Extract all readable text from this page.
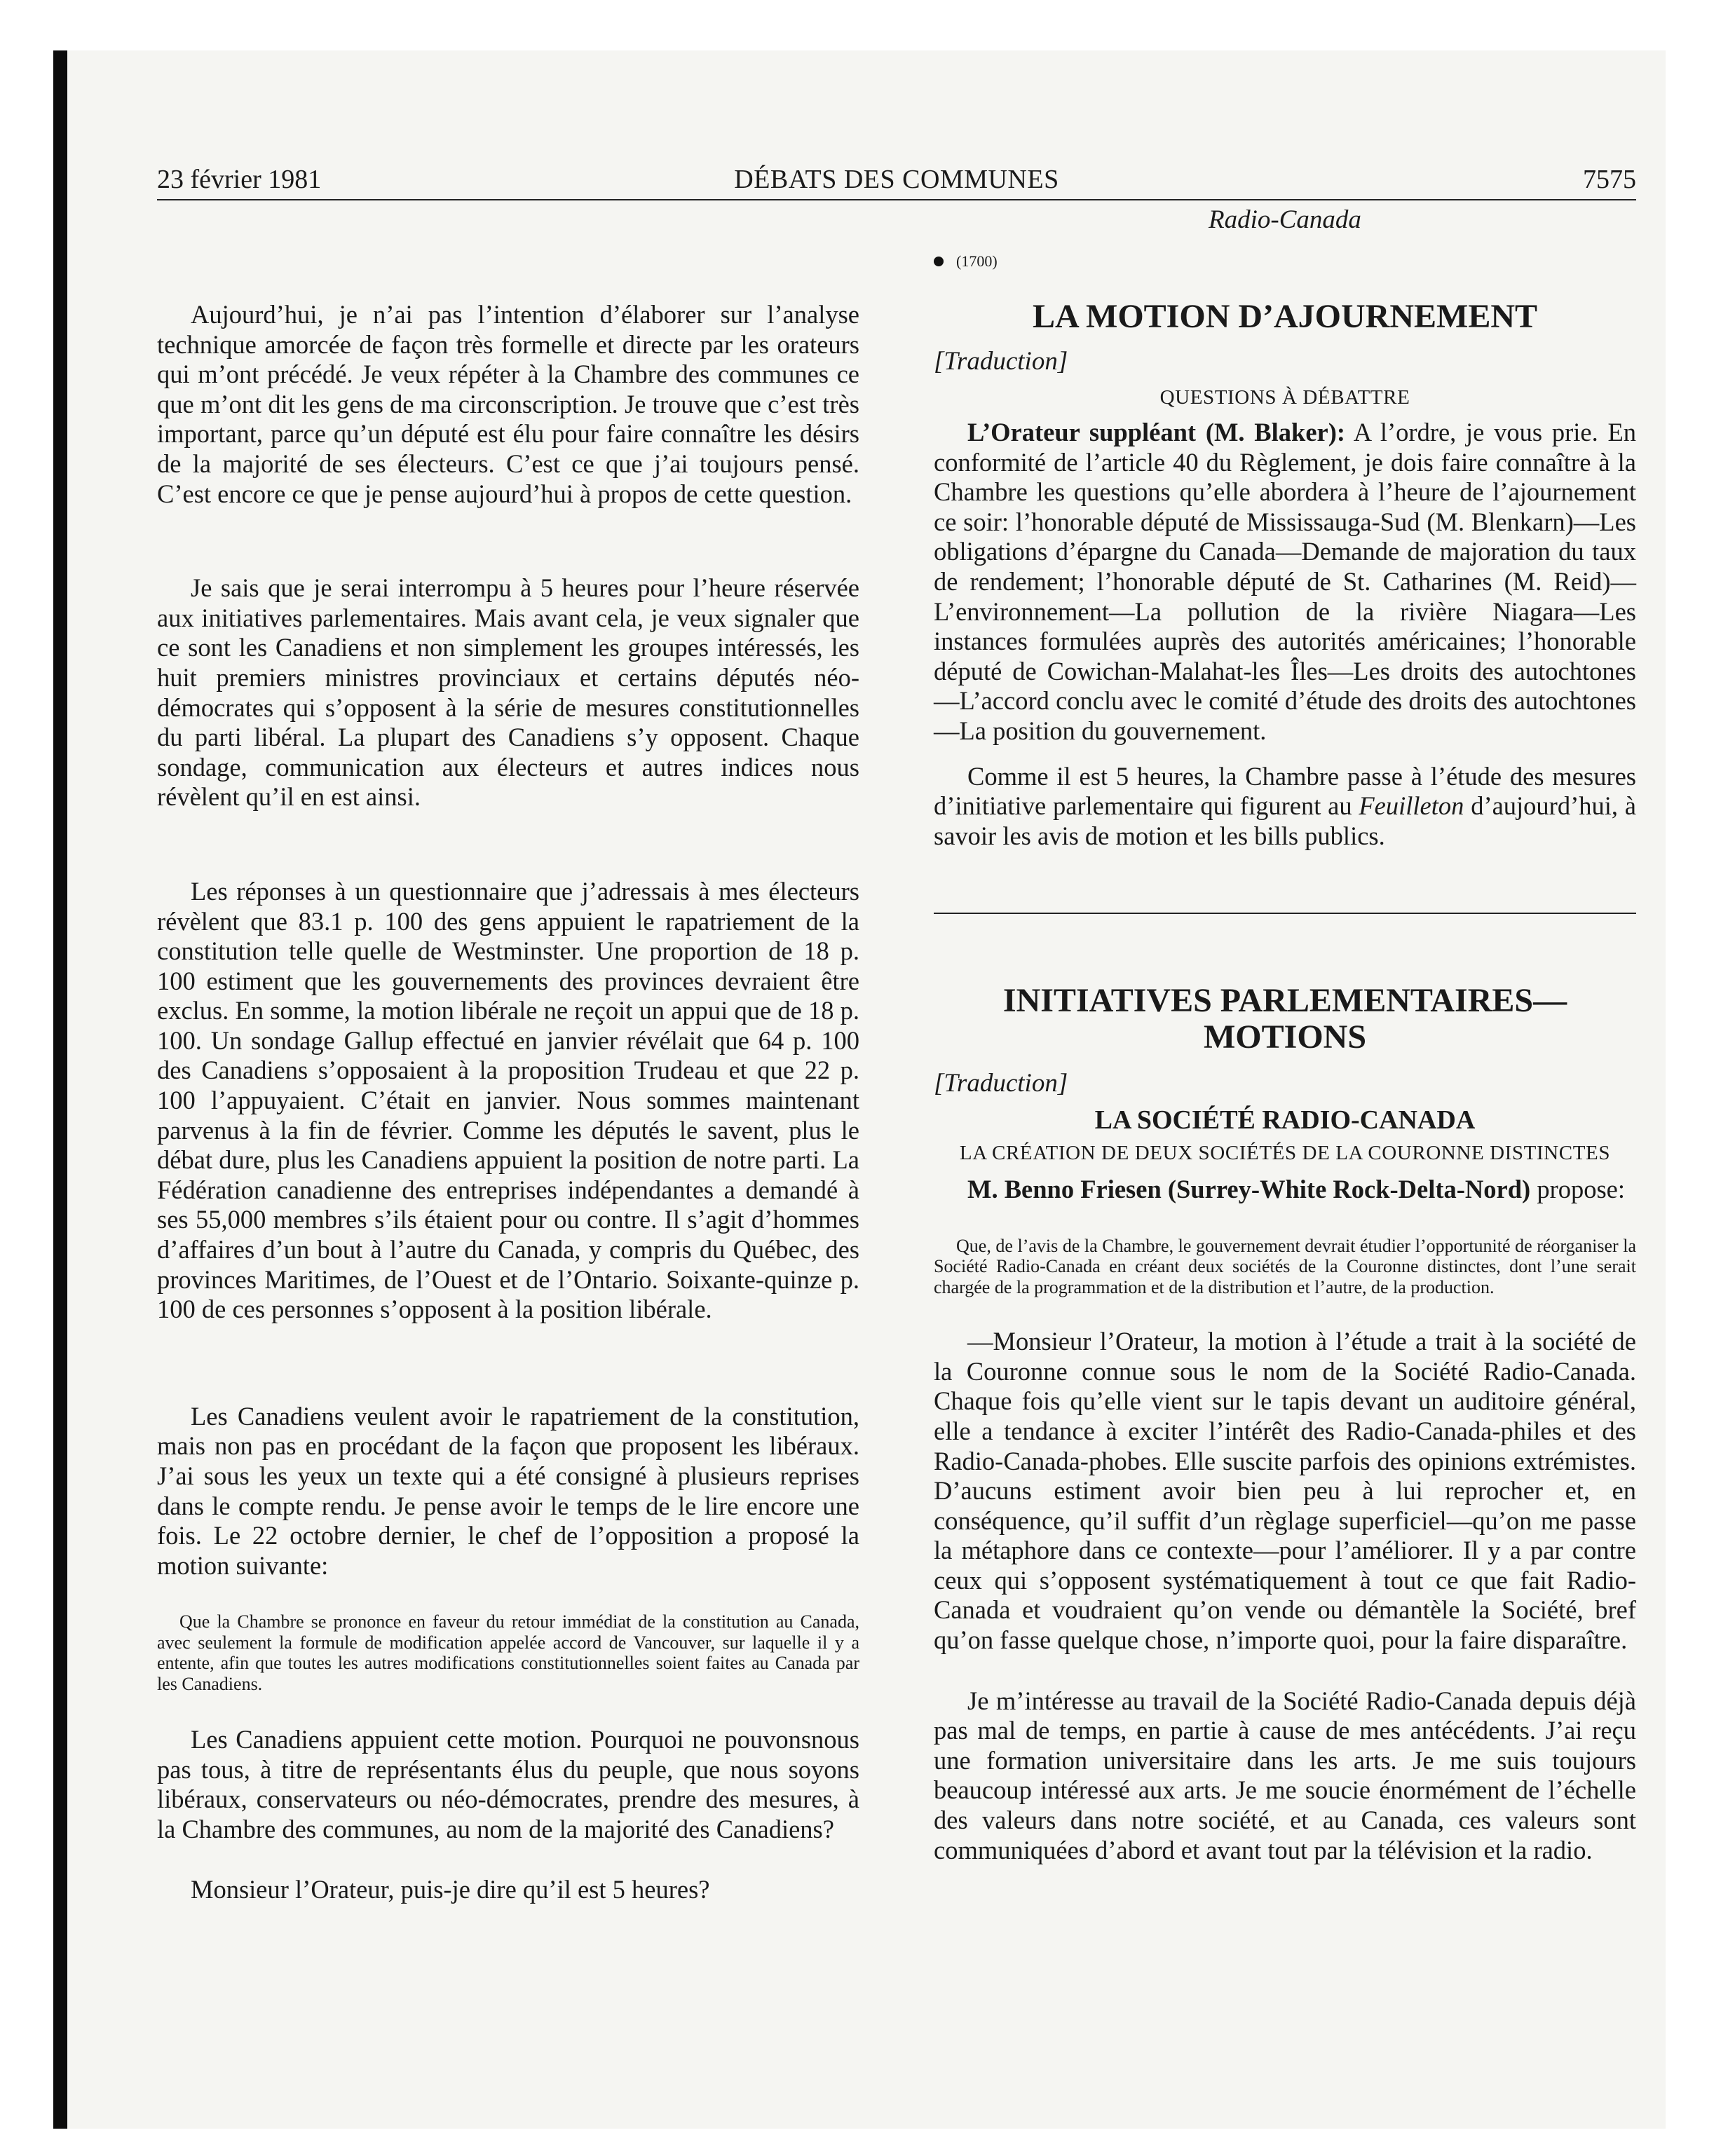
23 février 1981	DÉBATS DES COMMUNES	7575

Aujourd’hui, je n’ai pas l’intention d’élaborer sur l’analyse technique amorcée de façon très formelle et directe par les orateurs qui m’ont précédé. Je veux répéter à la Chambre des communes ce que m’ont dit les gens de ma circonscription. Je trouve que c’est très important, parce qu’un député est élu pour faire connaître les désirs de la majorité de ses électeurs. C’est ce que j’ai toujours pensé. C’est encore ce que je pense aujourd’hui à propos de cette question.

Je sais que je serai interrompu à 5 heures pour l’heure réservée aux initiatives parlementaires. Mais avant cela, je veux signaler que ce sont les Canadiens et non simplement les groupes intéressés, les huit premiers ministres provinciaux et certains députés néo-démocrates qui s’opposent à la série de mesures constitutionnelles du parti libéral. La plupart des Canadiens s’y opposent. Chaque sondage, communication aux électeurs et autres indices nous révèlent qu’il en est ainsi.

Les réponses à un questionnaire que j’adressais à mes électeurs révèlent que 83.1 p. 100 des gens appuient le rapatriement de la constitution telle quelle de Westminster. Une proportion de 18 p. 100 estiment que les gouvernements des provinces devraient être exclus. En somme, la motion libérale ne reçoit un appui que de 18 p. 100. Un sondage Gallup effectué en janvier révélait que 64 p. 100 des Canadiens s’opposaient à la proposition Trudeau et que 22 p. 100 l’appuyaient. C’était en janvier. Nous sommes maintenant parvenus à la fin de février. Comme les députés le savent, plus le débat dure, plus les Canadiens appuient la position de notre parti. La Fédération canadienne des entreprises indépendantes a demandé à ses 55,000 membres s’ils étaient pour ou contre. Il s’agit d’hommes d’affaires d’un bout à l’autre du Canada, y compris du Québec, des provinces Maritimes, de l’Ouest et de l’Ontario. Soixante-quinze p. 100 de ces personnes s’opposent à la position libérale.

Les Canadiens veulent avoir le rapatriement de la constitution, mais non pas en procédant de la façon que proposent les libéraux. J’ai sous les yeux un texte qui a été consigné à plusieurs reprises dans le compte rendu. Je pense avoir le temps de le lire encore une fois. Le 22 octobre dernier, le chef de l’opposition a proposé la motion suivante:

Que la Chambre se prononce en faveur du retour immédiat de la constitution au Canada, avec seulement la formule de modification appelée accord de Vancouver, sur laquelle il y a entente, afin que toutes les autres modifications constitutionnelles soient faites au Canada par les Canadiens.

Les Canadiens appuient cette motion. Pourquoi ne pouvonsnous pas tous, à titre de représentants élus du peuple, que nous soyons libéraux, conservateurs ou néo-démocrates, prendre des mesures, à la Chambre des communes, au nom de la majorité des Canadiens?

Monsieur l’Orateur, puis-je dire qu’il est 5 heures?

Radio-Canada
(1700)
LA MOTION D’AJOURNEMENT
[Traduction]
QUESTIONS À DÉBATTRE

L’Orateur suppléant (M. Blaker): A l’ordre, je vous prie. En conformité de l’article 40 du Règlement, je dois faire connaître à la Chambre les questions qu’elle abordera à l’heure de l’ajournement ce soir: l’honorable député de Mississauga-Sud (M. Blenkarn)—Les obligations d’épargne du Canada—Demande de majoration du taux de rendement; l’honorable député de St. Catharines (M. Reid)—L’environnement—La pollution de la rivière Niagara—Les instances formulées auprès des autorités américaines; l’honorable député de Cowichan-Malahat-les Îles—Les droits des autochtones—L’accord conclu avec le comité d’étude des droits des autochtones—La position du gouvernement.

Comme il est 5 heures, la Chambre passe à l’étude des mesures d’initiative parlementaire qui figurent au Feuilleton d’aujourd’hui, à savoir les avis de motion et les bills publics.

INITIATIVES PARLEMENTAIRES—
MOTIONS
[Traduction]
LA SOCIÉTÉ RADIO-CANADA
LA CRÉATION DE DEUX SOCIÉTÉS DE LA COURONNE DISTINCTES

M. Benno Friesen (Surrey-White Rock-Delta-Nord) propose:

Que, de l’avis de la Chambre, le gouvernement devrait étudier l’opportunité de réorganiser la Société Radio-Canada en créant deux sociétés de la Couronne distinctes, dont l’une serait chargée de la programmation et de la distribution et l’autre, de la production.

—Monsieur l’Orateur, la motion à l’étude a trait à la société de la Couronne connue sous le nom de la Société Radio-Canada. Chaque fois qu’elle vient sur le tapis devant un auditoire général, elle a tendance à exciter l’intérêt des Radio-Canada-philes et des Radio-Canada-phobes. Elle suscite parfois des opinions extrémistes. D’aucuns estiment avoir bien peu à lui reprocher et, en conséquence, qu’il suffit d’un règlage superficiel—qu’on me passe la métaphore dans ce contexte—pour l’améliorer. Il y a par contre ceux qui s’opposent systématiquement à tout ce que fait Radio-Canada et voudraient qu’on vende ou démantèle la Société, bref qu’on fasse quelque chose, n’importe quoi, pour la faire disparaître.

Je m’intéresse au travail de la Société Radio-Canada depuis déjà pas mal de temps, en partie à cause de mes antécédents. J’ai reçu une formation universitaire dans les arts. Je me suis toujours beaucoup intéressé aux arts. Je me soucie énormément de l’échelle des valeurs dans notre société, et au Canada, ces valeurs sont communiquées d’abord et avant tout par la télévision et la radio.
